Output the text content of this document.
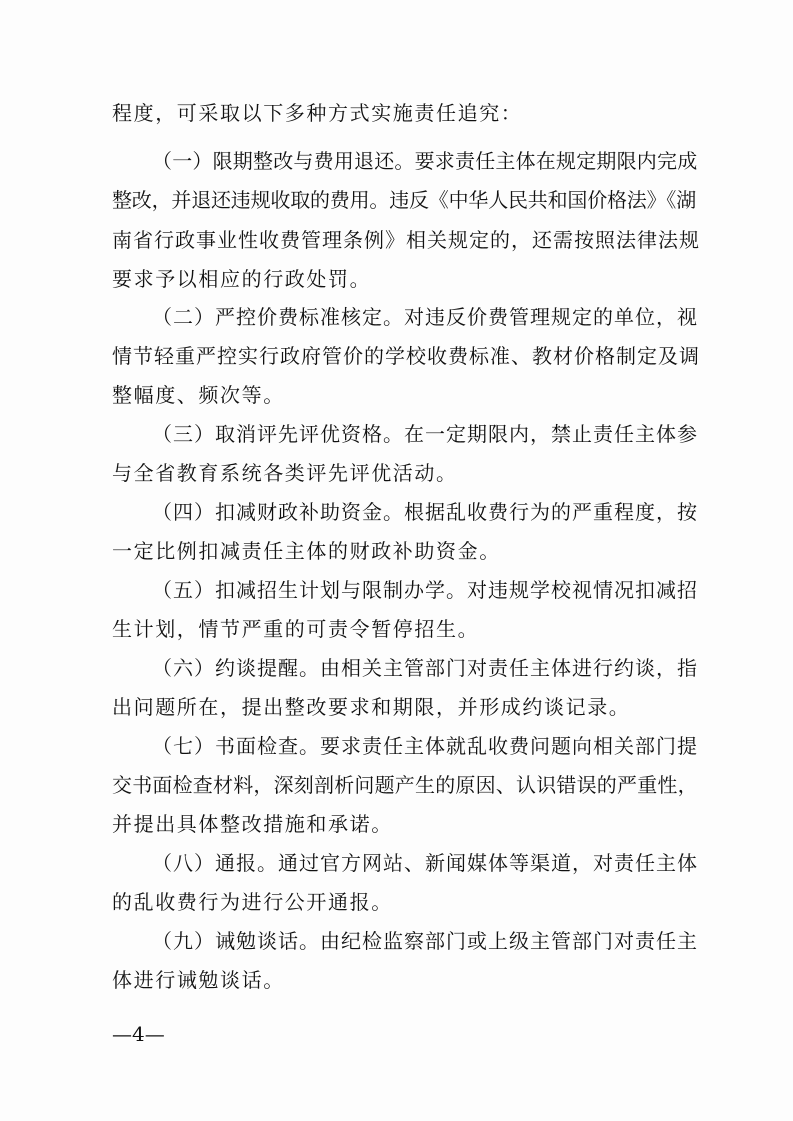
程度，可采取以下多种方式实施责任追究：
（一）限期整改与费用退还。要求责任主体在规定期限内完成
整改，并退还违规收取的费用。违反《中华人民共和国价格法》《湖
南省行政事业性收费管理条例》相关规定的，还需按照法律法规
要求予以相应的行政处罚。
（二）严控价费标准核定。对违反价费管理规定的单位，视
情节轻重严控实行政府管价的学校收费标准、教材价格制定及调
整幅度、频次等。
（三）取消评先评优资格。在一定期限内，禁止责任主体参
与全省教育系统各类评先评优活动。
（四）扣减财政补助资金。根据乱收费行为的严重程度，按
一定比例扣减责任主体的财政补助资金。
（五）扣减招生计划与限制办学。对违规学校视情况扣减招
生计划，情节严重的可责令暂停招生。
（六）约谈提醒。由相关主管部门对责任主体进行约谈，指
出问题所在，提出整改要求和期限，并形成约谈记录。
（七）书面检查。要求责任主体就乱收费问题向相关部门提
交书面检查材料，深刻剖析问题产生的原因、认识错误的严重性，
并提出具体整改措施和承诺。
（八）通报。通过官方网站、新闻媒体等渠道，对责任主体
的乱收费行为进行公开通报。
（九）诫勉谈话。由纪检监察部门或上级主管部门对责任主
体进行诫勉谈话。
—4—
